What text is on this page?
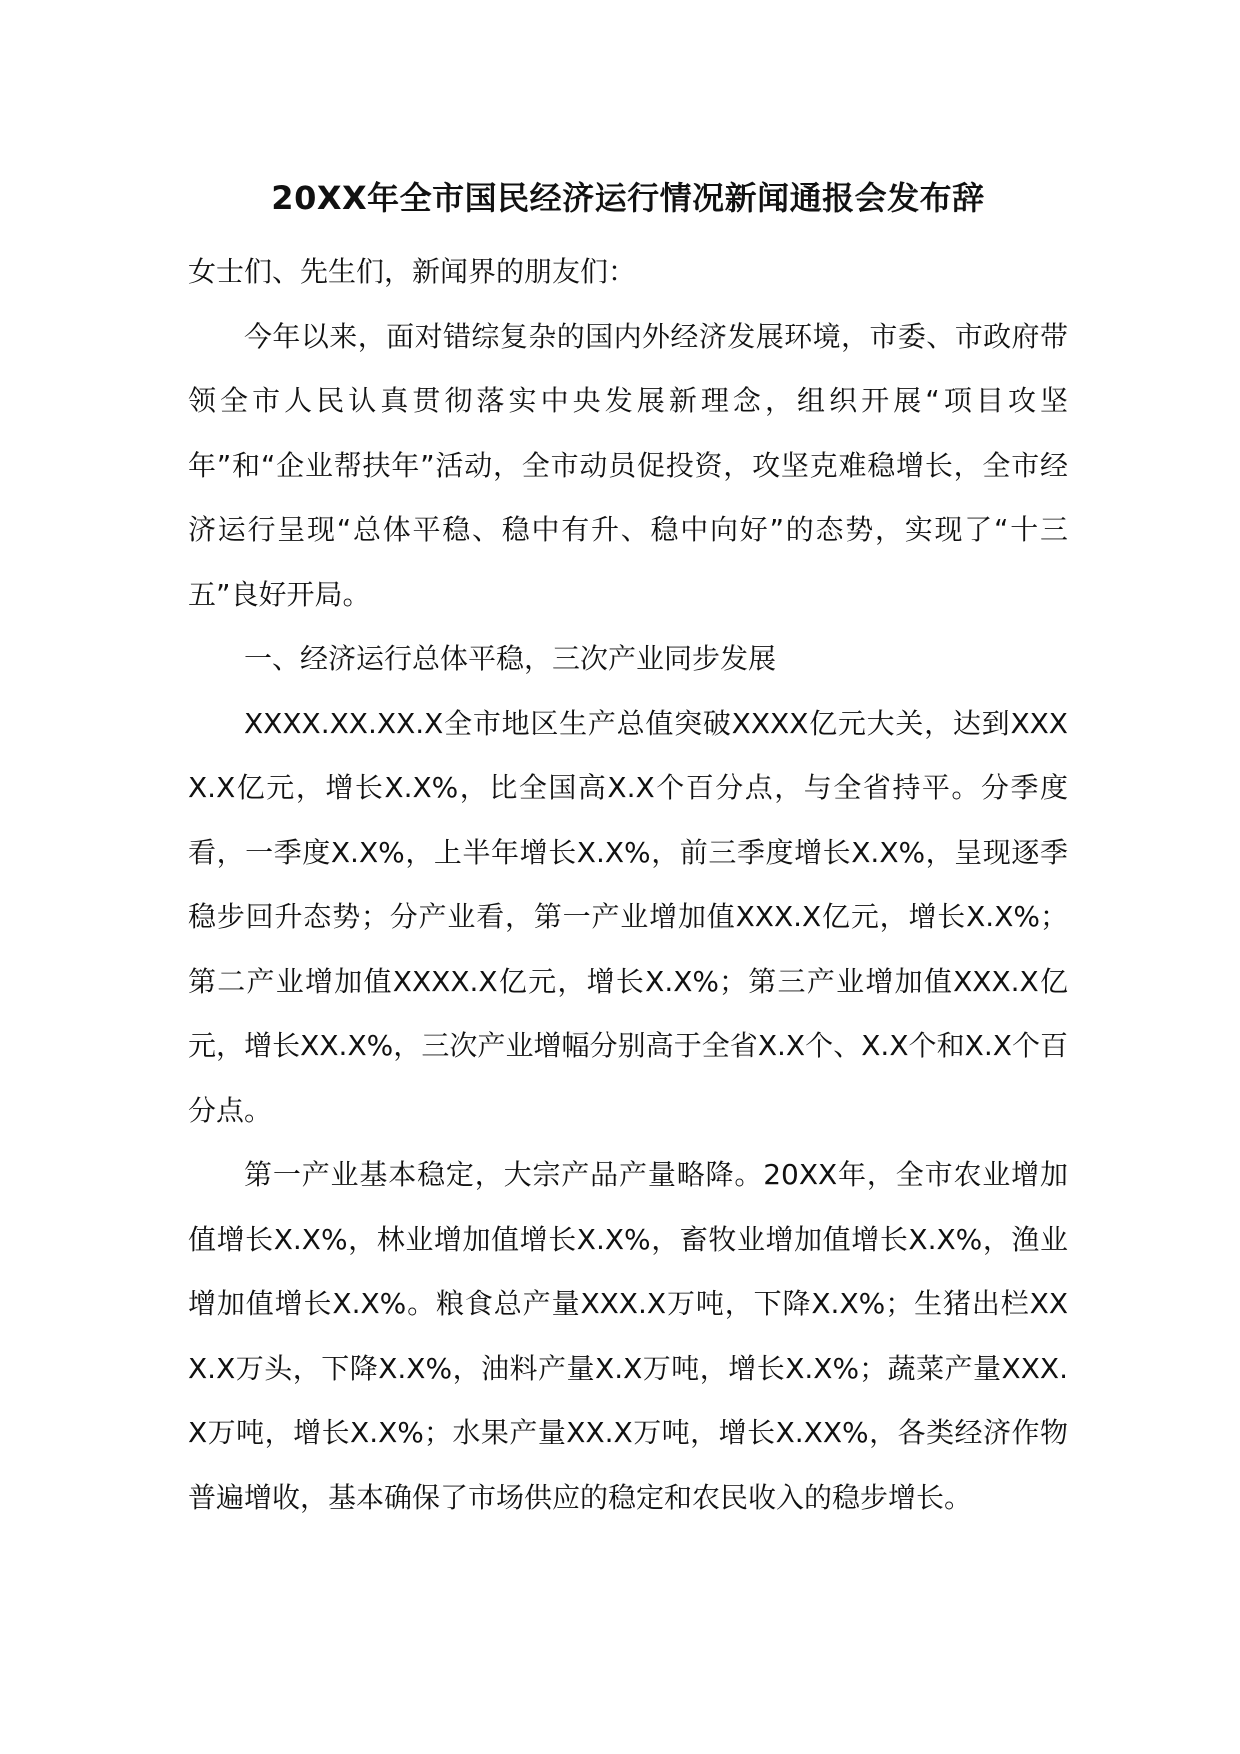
20XX年全市国民经济运行情况新闻通报会发布辞

女士们、先生们，新闻界的朋友们：

今年以来，面对错综复杂的国内外经济发展环境，市委、市政府带领全市人民认真贯彻落实中央发展新理念，组织开展“项目攻坚年”和“企业帮扶年”活动，全市动员促投资，攻坚克难稳增长，全市经济运行呈现“总体平稳、稳中有升、稳中向好”的态势，实现了“十三五”良好开局。

一、经济运行总体平稳，三次产业同步发展

XXXX.XX.XX.X全市地区生产总值突破XXXX亿元大关，达到XXXX.X亿元，增长X.X%，比全国高X.X个百分点，与全省持平。分季度看，一季度X.X%，上半年增长X.X%，前三季度增长X.X%，呈现逐季稳步回升态势；分产业看，第一产业增加值XXX.X亿元，增长X.X%；第二产业增加值XXXX.X亿元，增长X.X%；第三产业增加值XXX.X亿元，增长XX.X%，三次产业增幅分别高于全省X.X个、X.X个和X.X个百分点。

第一产业基本稳定，大宗产品产量略降。20XX年，全市农业增加值增长X.X%，林业增加值增长X.X%，畜牧业增加值增长X.X%，渔业增加值增长X.X%。粮食总产量XXX.X万吨，下降X.X%；生猪出栏XXX.X万头，下降X.X%，油料产量X.X万吨，增长X.X%；蔬菜产量XXX.X万吨，增长X.X%；水果产量XX.X万吨，增长X.XX%，各类经济作物普遍增收，基本确保了市场供应的稳定和农民收入的稳步增长。
